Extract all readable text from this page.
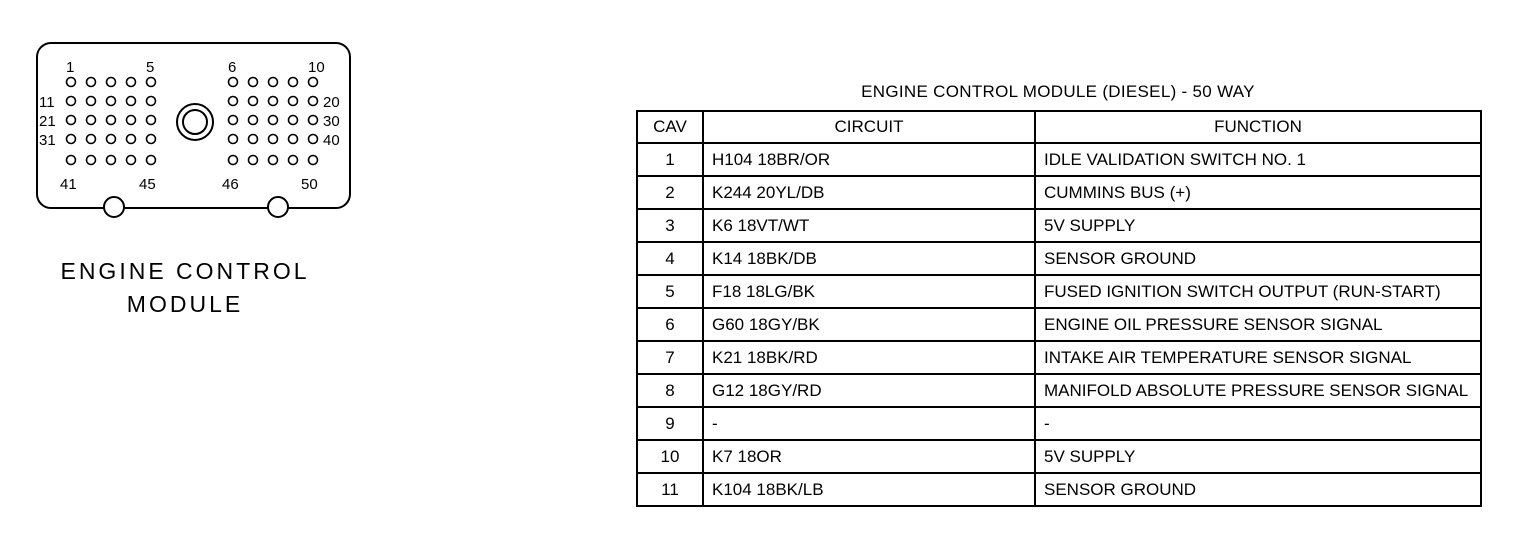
1	5	6	10
11	20
21	30
31	40
41	45	46	50
ENGINE CONTROL
MODULE
ENGINE CONTROL MODULE (DIESEL) - 50 WAY
CAV	CIRCUIT	FUNCTION
1	H104 18BR/OR	IDLE VALIDATION SWITCH NO. 1
2	K244 20YL/DB	CUMMINS BUS (+)
3	K6 18VT/WT	5V SUPPLY
4	K14 18BK/DB	SENSOR GROUND
5	F18 18LG/BK	FUSED IGNITION SWITCH OUTPUT (RUN-START)
6	G60 18GY/BK	ENGINE OIL PRESSURE SENSOR SIGNAL
7	K21 18BK/RD	INTAKE AIR TEMPERATURE SENSOR SIGNAL
8	G12 18GY/RD	MANIFOLD ABSOLUTE PRESSURE SENSOR SIGNAL
9	-	-
10	K7 18OR	5V SUPPLY
11	K104 18BK/LB	SENSOR GROUND
